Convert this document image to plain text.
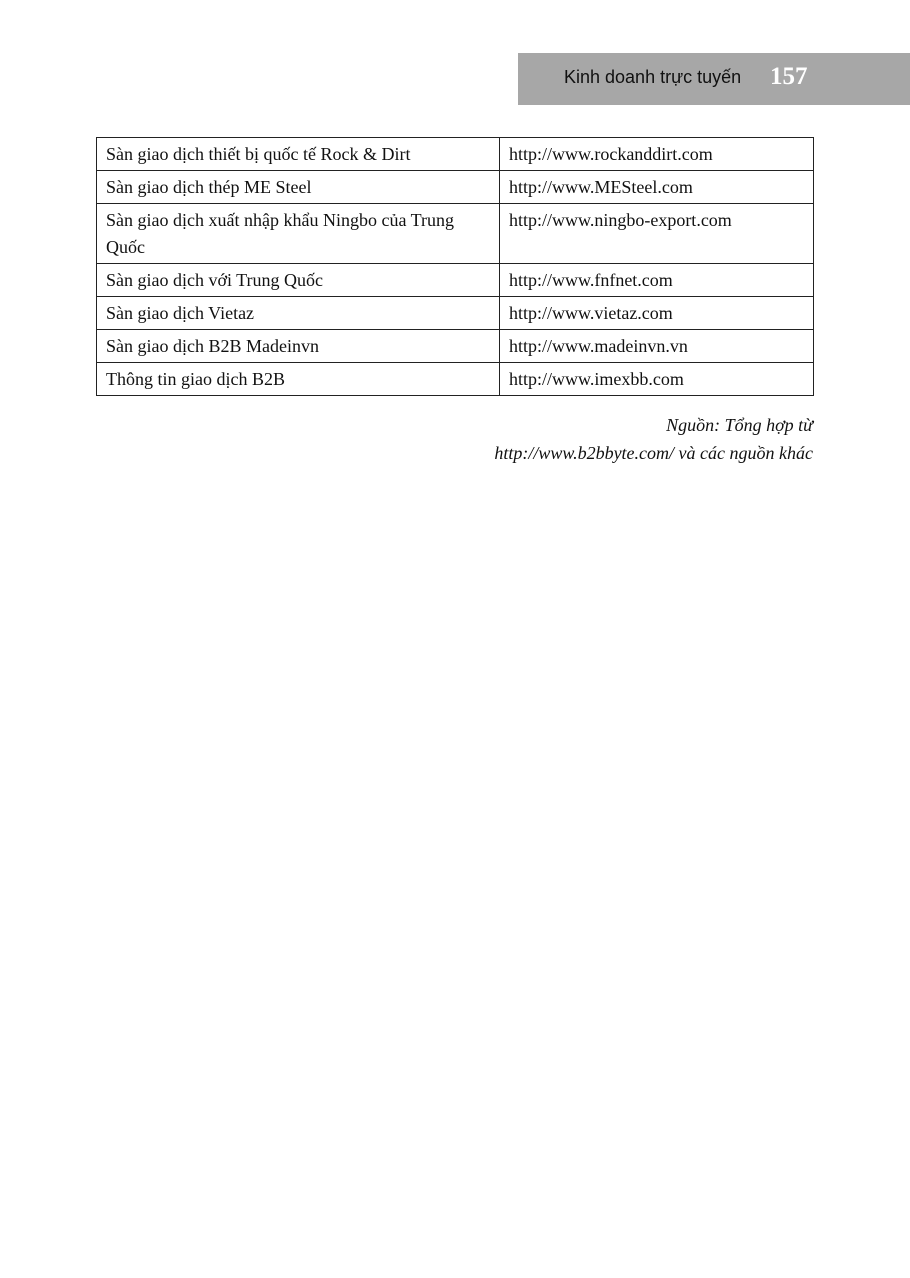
Kinh doanh trực tuyến 157
Sàn giao dịch thiết bị quốc tế Rock & Dirt	http://www.rockanddirt.com
Sàn giao dịch thép ME Steel	http://www.MESteel.com
Sàn giao dịch xuất nhập khẩu Ningbo của Trung Quốc	http://www.ningbo-export.com
Sàn giao dịch với Trung Quốc	http://www.fnfnet.com
Sàn giao dịch Vietaz	http://www.vietaz.com
Sàn giao dịch B2B Madeinvn	http://www.madeinvn.vn
Thông tin giao dịch B2B	http://www.imexbb.com
Nguồn: Tổng hợp từ
http://www.b2bbyte.com/ và các nguồn khác
